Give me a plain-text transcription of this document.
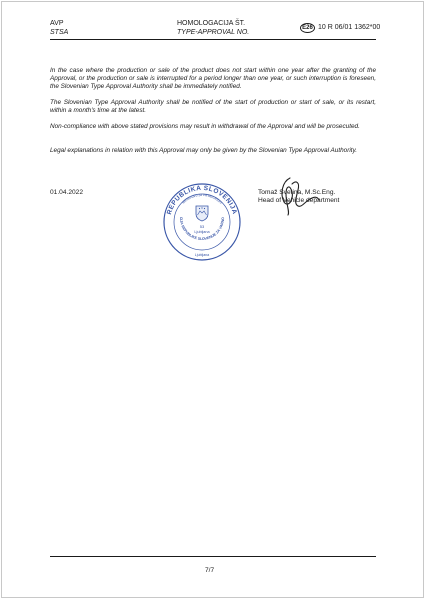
AVP
STSA
HOMOLOGACIJA ŠT.
TYPE-APPROVAL NO.
E26 10 R 06/01 1362*00
In the case where the production or sale of the product does not start within one year after the granting of the Approval, or the production or sale is interrupted for a period longer than one year, or such interruption is foreseen, the Slovenian Type Approval Authority shall be immediately notified.
The Slovenian Type Approval Authority shall be notified of the start of production or start of sale, or its restart, within a month's time at the latest.
Non-compliance with above stated provisions may result in withdrawal of the Approval and will be prosecuted.
Legal explanations in relation with this Approval may only be given by the Slovenian Type Approval Authority.
01.04.2022	Tomaž Svetina, M.Sc.Eng.
Head of Vehicle department
REPUBLIKA SLOVENIJA
Ministrstvo za infrastrukturo
CIJA REPUBLIKE SLOVENIJE ZA VARNO
53
Ljubljana
Ljubljana
7/7
